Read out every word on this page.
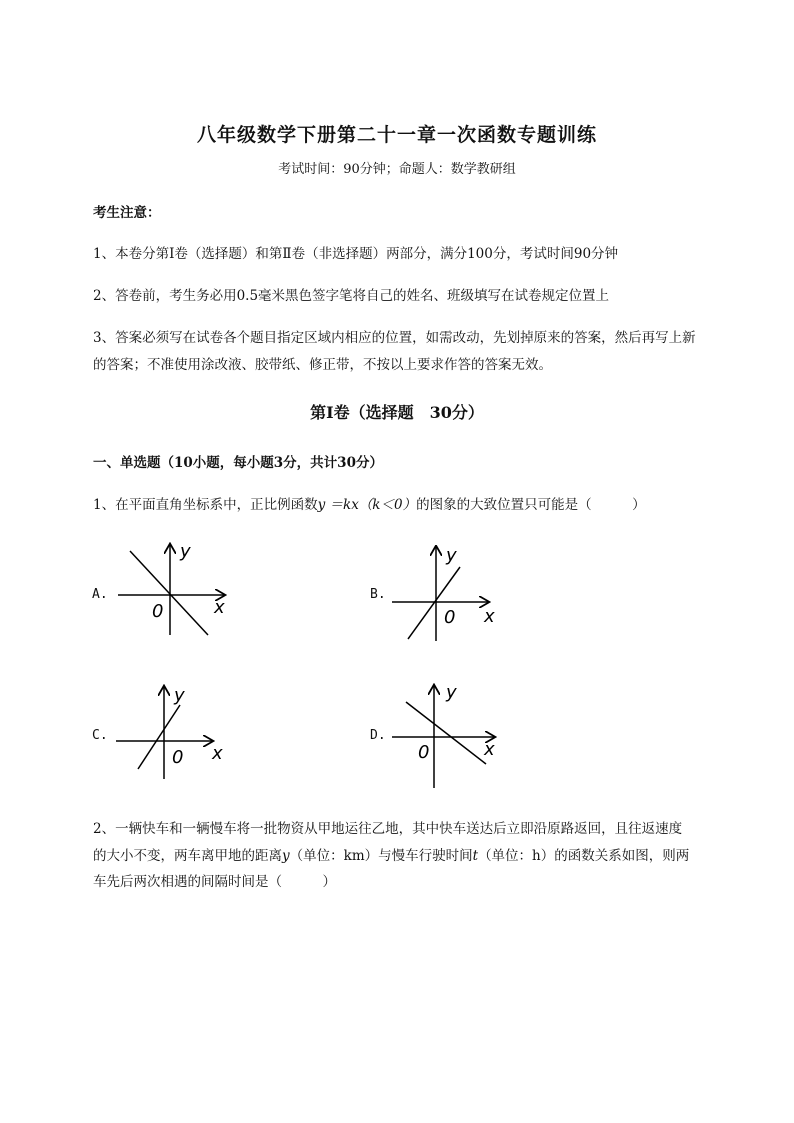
八年级数学下册第二十一章一次函数专题训练
考试时间：90分钟；命题人：数学教研组
考生注意：
1、本卷分第I卷（选择题）和第Ⅱ卷（非选择题）两部分，满分100分，考试时间90分钟
2、答卷前，考生务必用0.5毫米黑色签字笔将自己的姓名、班级填写在试卷规定位置上
3、答案必须写在试卷各个题目指定区域内相应的位置，如需改动，先划掉原来的答案，然后再写上新
的答案；不准使用涂改液、胶带纸、修正带，不按以上要求作答的答案无效。
第I卷（选择题　30分）
一、单选题（10小题，每小题3分，共计30分）
1、在平面直角坐标系中，正比例函数y ＝kx（k＜0）的图象的大致位置只可能是（　　　）
A.	B.
C.	D.
y
x
0
y
x
0
y
x
0
y
x
0
2、一辆快车和一辆慢车将一批物资从甲地运往乙地，其中快车送达后立即沿原路返回，且往返速度
的大小不变，两车离甲地的距离y（单位：km）与慢车行驶时间t（单位：h）的函数关系如图，则两
车先后两次相遇的间隔时间是（　　　）
